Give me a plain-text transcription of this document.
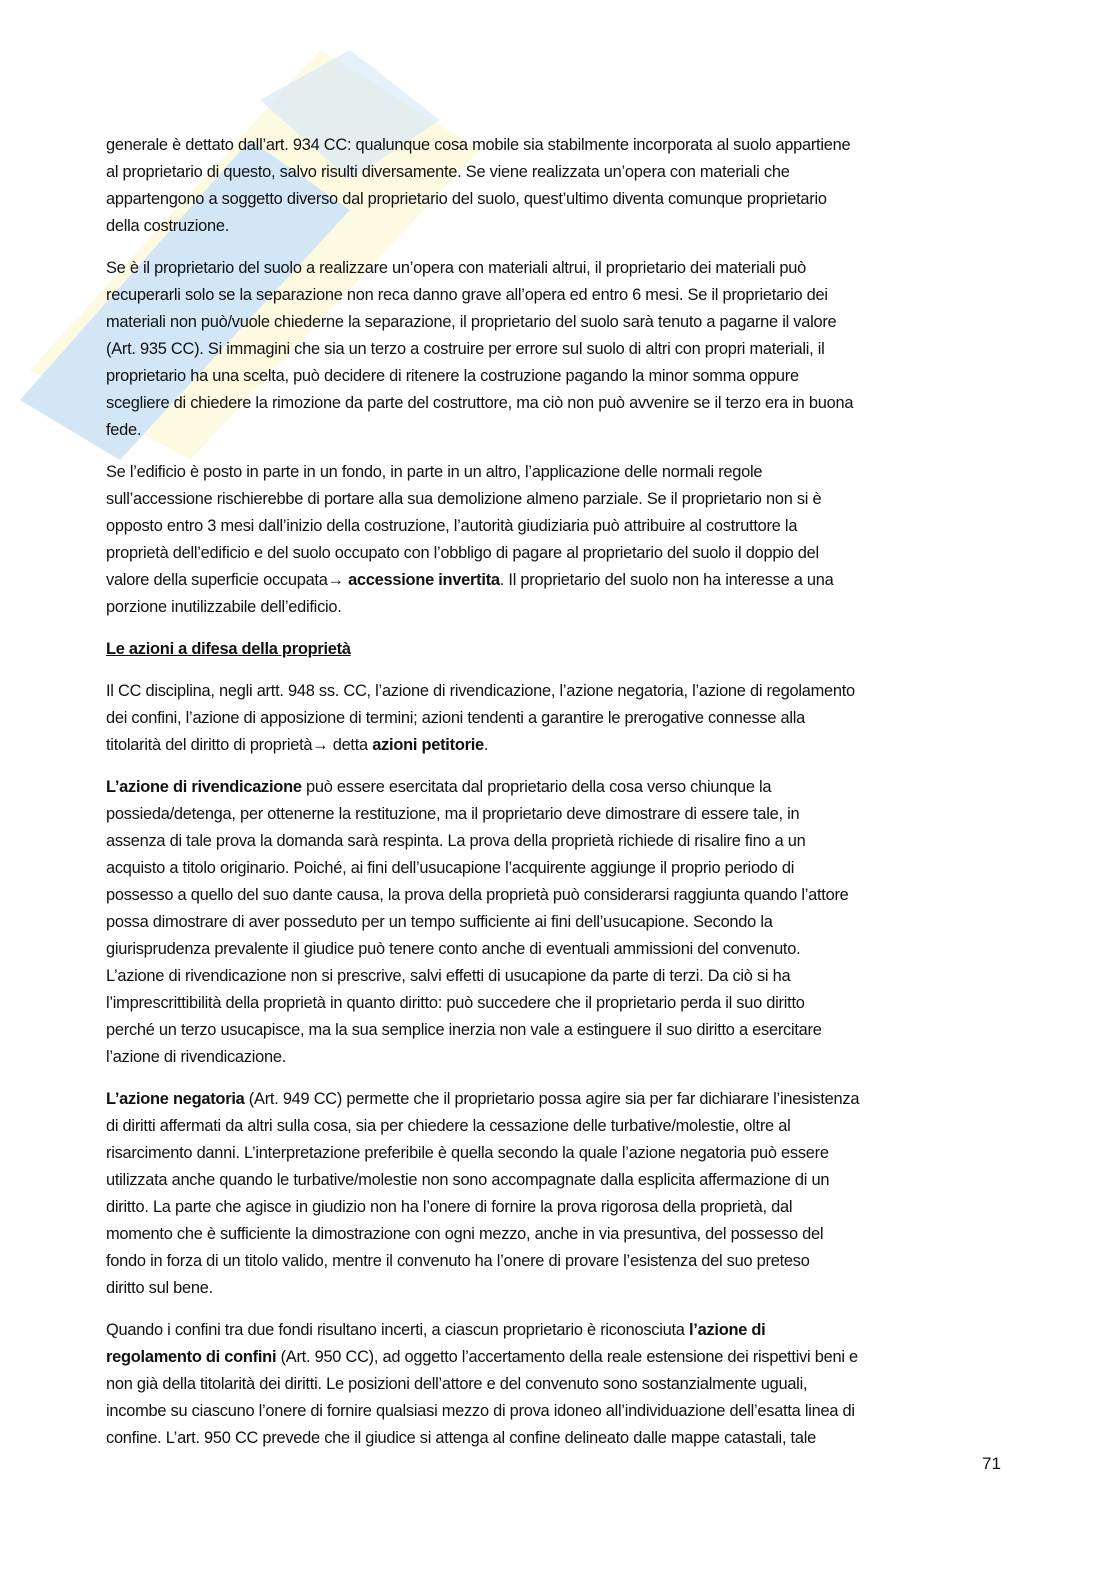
generale è dettato dall’art. 934 CC: qualunque cosa mobile sia stabilmente incorporata al suolo appartiene
al proprietario di questo, salvo risulti diversamente. Se viene realizzata un’opera con materiali che
appartengono a soggetto diverso dal proprietario del suolo, quest’ultimo diventa comunque proprietario
della costruzione.
Se è il proprietario del suolo a realizzare un’opera con materiali altrui, il proprietario dei materiali può
recuperarli solo se la separazione non reca danno grave all’opera ed entro 6 mesi. Se il proprietario dei
materiali non può/vuole chiederne la separazione, il proprietario del suolo sarà tenuto a pagarne il valore
(Art. 935 CC). Si immagini che sia un terzo a costruire per errore sul suolo di altri con propri materiali, il
proprietario ha una scelta, può decidere di ritenere la costruzione pagando la minor somma oppure
scegliere di chiedere la rimozione da parte del costruttore, ma ciò non può avvenire se il terzo era in buona
fede.
Se l’edificio è posto in parte in un fondo, in parte in un altro, l’applicazione delle normali regole
sull’accessione rischierebbe di portare alla sua demolizione almeno parziale. Se il proprietario non si è
opposto entro 3 mesi dall’inizio della costruzione, l’autorità giudiziaria può attribuire al costruttore la
proprietà dell’edificio e del suolo occupato con l’obbligo di pagare al proprietario del suolo il doppio del
valore della superficie occupata→ accessione invertita. Il proprietario del suolo non ha interesse a una
porzione inutilizzabile dell’edificio.
Le azioni a difesa della proprietà
Il CC disciplina, negli artt. 948 ss. CC, l’azione di rivendicazione, l’azione negatoria, l’azione di regolamento
dei confini, l’azione di apposizione di termini; azioni tendenti a garantire le prerogative connesse alla
titolarità del diritto di proprietà→ detta azioni petitorie.
L’azione di rivendicazione può essere esercitata dal proprietario della cosa verso chiunque la
possieda/detenga, per ottenerne la restituzione, ma il proprietario deve dimostrare di essere tale, in
assenza di tale prova la domanda sarà respinta. La prova della proprietà richiede di risalire fino a un
acquisto a titolo originario. Poiché, ai fini dell’usucapione l’acquirente aggiunge il proprio periodo di
possesso a quello del suo dante causa, la prova della proprietà può considerarsi raggiunta quando l’attore
possa dimostrare di aver posseduto per un tempo sufficiente ai fini dell’usucapione. Secondo la
giurisprudenza prevalente il giudice può tenere conto anche di eventuali ammissioni del convenuto.
L’azione di rivendicazione non si prescrive, salvi effetti di usucapione da parte di terzi. Da ciò si ha
l’imprescrittibilità della proprietà in quanto diritto: può succedere che il proprietario perda il suo diritto
perché un terzo usucapisce, ma la sua semplice inerzia non vale a estinguere il suo diritto a esercitare
l’azione di rivendicazione.
L’azione negatoria (Art. 949 CC) permette che il proprietario possa agire sia per far dichiarare l’inesistenza
di diritti affermati da altri sulla cosa, sia per chiedere la cessazione delle turbative/molestie, oltre al
risarcimento danni. L’interpretazione preferibile è quella secondo la quale l’azione negatoria può essere
utilizzata anche quando le turbative/molestie non sono accompagnate dalla esplicita affermazione di un
diritto. La parte che agisce in giudizio non ha l’onere di fornire la prova rigorosa della proprietà, dal
momento che è sufficiente la dimostrazione con ogni mezzo, anche in via presuntiva, del possesso del
fondo in forza di un titolo valido, mentre il convenuto ha l’onere di provare l’esistenza del suo preteso
diritto sul bene.
Quando i confini tra due fondi risultano incerti, a ciascun proprietario è riconosciuta l’azione di
regolamento di confini (Art. 950 CC), ad oggetto l’accertamento della reale estensione dei rispettivi beni e
non già della titolarità dei diritti. Le posizioni dell’attore e del convenuto sono sostanzialmente uguali,
incombe su ciascuno l’onere di fornire qualsiasi mezzo di prova idoneo all’individuazione dell’esatta linea di
confine. L’art. 950 CC prevede che il giudice si attenga al confine delineato dalle mappe catastali, tale
71
